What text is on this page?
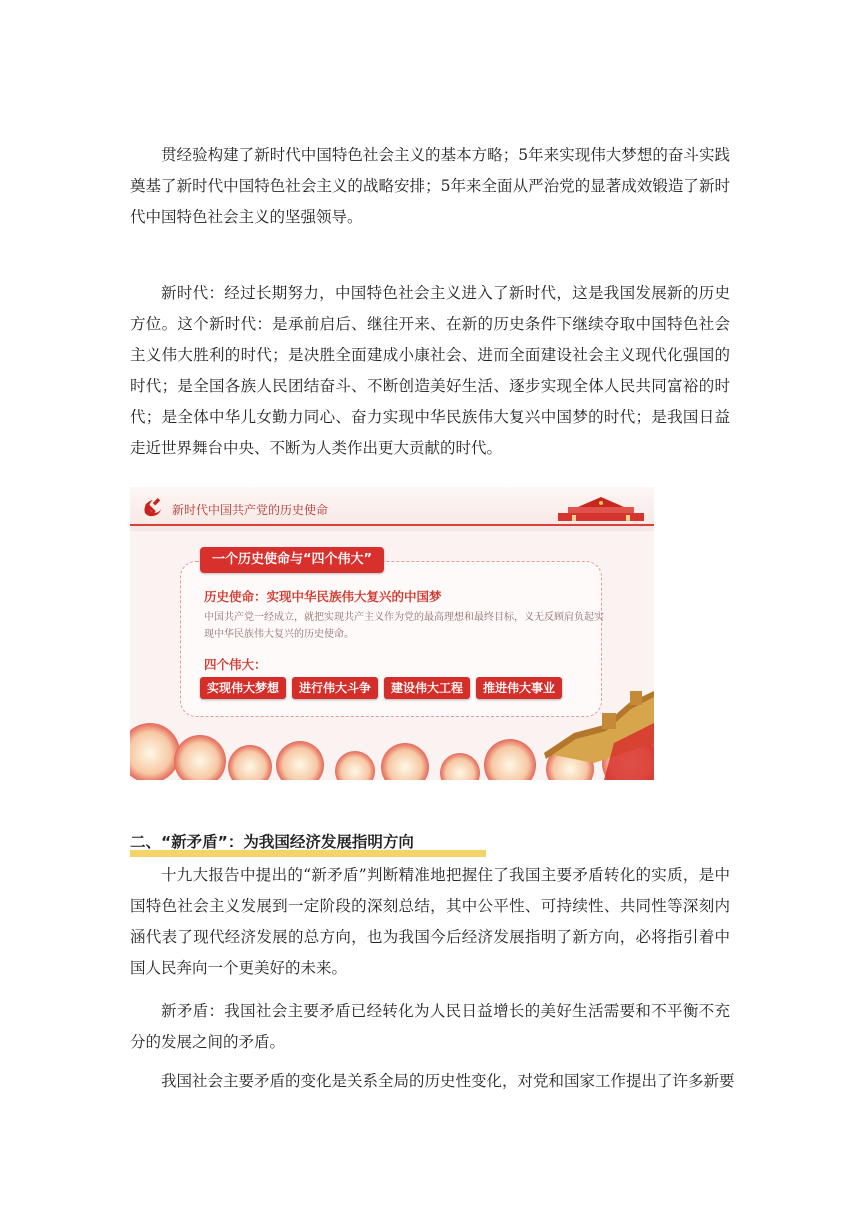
贯经验构建了新时代中国特色社会主义的基本方略；5年来实现伟大梦想的奋斗实践奠基了新时代中国特色社会主义的战略安排；5年来全面从严治党的显著成效锻造了新时代中国特色社会主义的坚强领导。

新时代：经过长期努力，中国特色社会主义进入了新时代，这是我国发展新的历史方位。这个新时代：是承前启后、继往开来、在新的历史条件下继续夺取中国特色社会主义伟大胜利的时代；是决胜全面建成小康社会、进而全面建设社会主义现代化强国的时代；是全国各族人民团结奋斗、不断创造美好生活、逐步实现全体人民共同富裕的时代；是全体中华儿女勤力同心、奋力实现中华民族伟大复兴中国梦的时代；是我国日益走近世界舞台中央、不断为人类作出更大贡献的时代。

新时代中国共产党的历史使命
一个历史使命与“四个伟大”
历史使命：实现中华民族伟大复兴的中国梦
中国共产党一经成立，就把实现共产主义作为党的最高理想和最终目标，义无反顾肩负起实现中华民族伟大复兴的历史使命。
四个伟大：
实现伟大梦想	进行伟大斗争	建设伟大工程	推进伟大事业
二、“新矛盾”：为我国经济发展指明方向

十九大报告中提出的“新矛盾”判断精准地把握住了我国主要矛盾转化的实质，是中国特色社会主义发展到一定阶段的深刻总结，其中公平性、可持续性、共同性等深刻内涵代表了现代经济发展的总方向，也为我国今后经济发展指明了新方向，必将指引着中国人民奔向一个更美好的未来。

新矛盾：我国社会主要矛盾已经转化为人民日益增长的美好生活需要和不平衡不充分的发展之间的矛盾。

我国社会主要矛盾的变化是关系全局的历史性变化，对党和国家工作提出了许多新要
